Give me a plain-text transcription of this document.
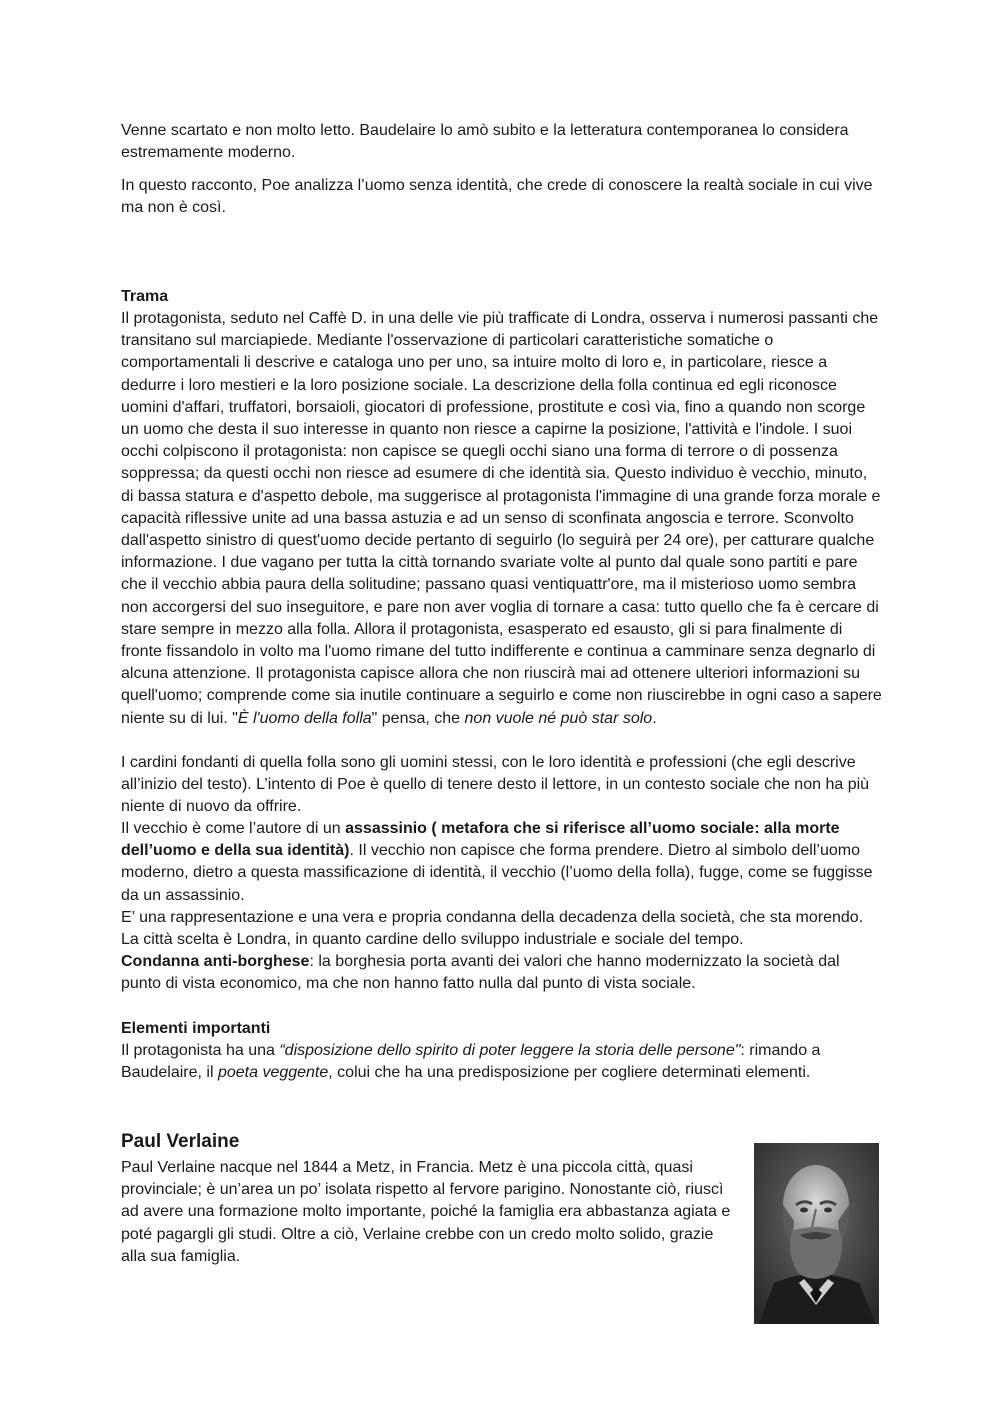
Venne scartato e non molto letto. Baudelaire lo amò subito e la letteratura contemporanea lo considera estremamente moderno.

In questo racconto, Poe analizza l’uomo senza identità, che crede di conoscere la realtà sociale in cui vive ma non è così.

Trama

Il protagonista, seduto nel Caffè D. in una delle vie più trafficate di Londra, osserva i numerosi passanti che transitano sul marciapiede. Mediante l'osservazione di particolari caratteristiche somatiche o comportamentali li descrive e cataloga uno per uno, sa intuire molto di loro e, in particolare, riesce a dedurre i loro mestieri e la loro posizione sociale. La descrizione della folla continua ed egli riconosce uomini d'affari, truffatori, borsaioli, giocatori di professione, prostitute e così via, fino a quando non scorge un uomo che desta il suo interesse in quanto non riesce a capirne la posizione, l'attività e l'indole. I suoi occhi colpiscono il protagonista: non capisce se quegli occhi siano una forma di terrore o di possenza soppressa; da questi occhi non riesce ad esumere di che identità sia. Questo individuo è vecchio, minuto, di bassa statura e d'aspetto debole, ma suggerisce al protagonista l'immagine di una grande forza morale e capacità riflessive unite ad una bassa astuzia e ad un senso di sconfinata angoscia e terrore. Sconvolto dall'aspetto sinistro di quest'uomo decide pertanto di seguirlo (lo seguirà per 24 ore), per catturare qualche informazione. I due vagano per tutta la città tornando svariate volte al punto dal quale sono partiti e pare che il vecchio abbia paura della solitudine; passano quasi ventiquattr'ore, ma il misterioso uomo sembra non accorgersi del suo inseguitore, e pare non aver voglia di tornare a casa: tutto quello che fa è cercare di stare sempre in mezzo alla folla. Allora il protagonista, esasperato ed esausto, gli si para finalmente di fronte fissandolo in volto ma l'uomo rimane del tutto indifferente e continua a camminare senza degnarlo di alcuna attenzione. Il protagonista capisce allora che non riuscirà mai ad ottenere ulteriori informazioni su quell'uomo; comprende come sia inutile continuare a seguirlo e come non riuscirebbe in ogni caso a sapere niente su di lui. "È l'uomo della folla" pensa, che non vuole né può star solo.

I cardini fondanti di quella folla sono gli uomini stessi, con le loro identità e professioni (che egli descrive all’inizio del testo). L’intento di Poe è quello di tenere desto il lettore, in un contesto sociale che non ha più niente di nuovo da offrire.

Il vecchio è come l’autore di un assassinio ( metafora che si riferisce all’uomo sociale: alla morte dell’uomo e della sua identità). Il vecchio non capisce che forma prendere. Dietro al simbolo dell’uomo moderno, dietro a questa massificazione di identità, il vecchio (l’uomo della folla), fugge, come se fuggisse da un assassinio.

E’ una rappresentazione e una vera e propria condanna della decadenza della società, che sta morendo. La città scelta è Londra, in quanto cardine dello sviluppo industriale e sociale del tempo.

Condanna anti-borghese: la borghesia porta avanti dei valori che hanno modernizzato la società dal punto di vista economico, ma che non hanno fatto nulla dal punto di vista sociale.

Elementi importanti

Il protagonista ha una “disposizione dello spirito di poter leggere la storia delle persone": rimando a Baudelaire, il poeta veggente, colui che ha una predisposizione per cogliere determinati elementi.

Paul Verlaine

Paul Verlaine nacque nel 1844 a Metz, in Francia. Metz è una piccola città, quasi provinciale; è un’area un po’ isolata rispetto al fervore parigino. Nonostante ciò, riuscì ad avere una formazione molto importante, poiché la famiglia era abbastanza agiata e poté pagargli gli studi. Oltre a ciò, Verlaine crebbe con un credo molto solido, grazie alla sua famiglia.
